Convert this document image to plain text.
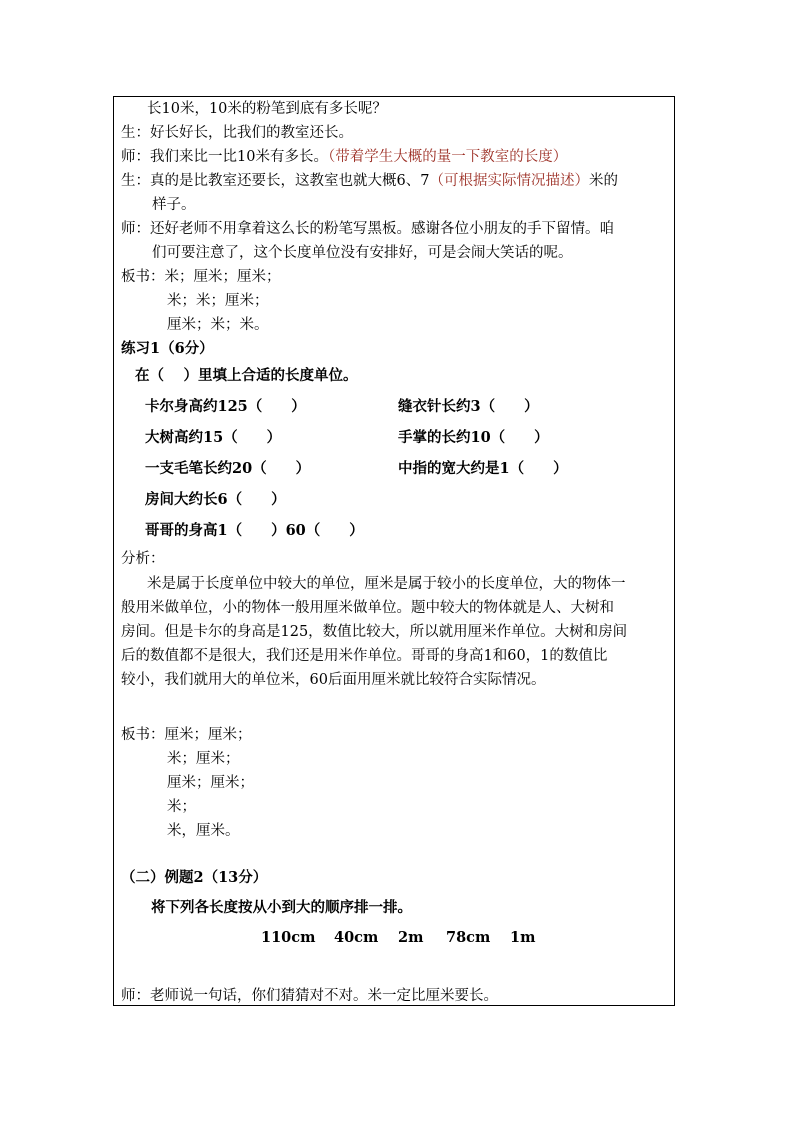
长10米，10米的粉笔到底有多长呢？
生：好长好长，比我们的教室还长。
师：我们来比一比10米有多长。（带着学生大概的量一下教室的长度）
生：真的是比教室还要长，这教室也就大概6、7（可根据实际情况描述）米的
样子。
师：还好老师不用拿着这么长的粉笔写黑板。感谢各位小朋友的手下留情。咱
们可要注意了，这个长度单位没有安排好，可是会闹大笑话的呢。
板书：米；厘米；厘米；
米；米；厘米；
厘米；米；米。
练习1（6分）
在（　 ）里填上合适的长度单位。
卡尔身高约125（　　）	缝衣针长约3（　　）
大树高约15（　　）	手掌的长约10（　　）
一支毛笔长约20（　　）	中指的宽大约是1（　　）
房间大约长6（　　）
哥哥的身高1（　　）60（　　）
分析：
米是属于长度单位中较大的单位，厘米是属于较小的长度单位，大的物体一
般用米做单位，小的物体一般用厘米做单位。题中较大的物体就是人、大树和
房间。但是卡尔的身高是125，数值比较大，所以就用厘米作单位。大树和房间
后的数值都不是很大，我们还是用米作单位。哥哥的身高1和60，1的数值比
较小，我们就用大的单位米，60后面用厘米就比较符合实际情况。
板书：厘米；厘米；
米；厘米；
厘米；厘米；
米；
米，厘米。
（二）例题2（13分）
将下列各长度按从小到大的顺序排一排。
110cm 40cm 2m 78cm 1m
师：老师说一句话，你们猜猜对不对。米一定比厘米要长。
